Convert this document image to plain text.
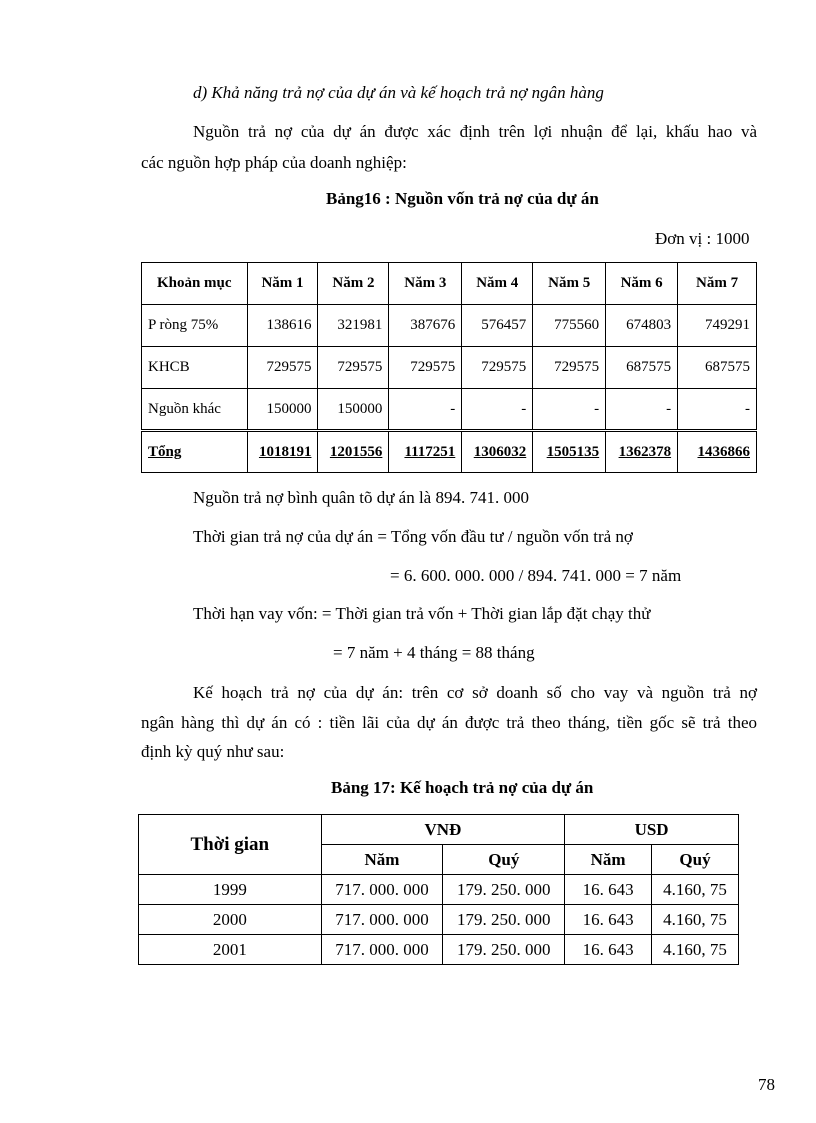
d) Khả năng trả nợ của dự án và kế hoạch trả nợ ngân hàng
Nguồn trả nợ của dự án được xác định trên lợi nhuận để lại, khấu hao và
các nguồn hợp pháp của doanh nghiệp:
Bảng16 : Nguồn vốn trả nợ của dự án
Đơn vị : 1000
Khoản mục	Năm 1	Năm 2	Năm 3	Năm 4	Năm 5	Năm 6	Năm 7
P ròng 75%	138616	321981	387676	576457	775560	674803	749291
KHCB	729575	729575	729575	729575	729575	687575	687575
Nguồn khác	150000	150000	-	-	-	-	-
Tổng	1018191	1201556	1117251	1306032	1505135	1362378	1436866
Nguồn trả nợ bình quân tõ dự án là 894. 741. 000
Thời gian trả nợ của dự án = Tổng vốn đầu tư / nguồn vốn trả nợ
= 6. 600. 000. 000 / 894. 741. 000 = 7 năm
Thời hạn vay vốn: = Thời gian trả vốn + Thời gian lắp đặt chạy thử
= 7 năm + 4 tháng = 88 tháng
Kế hoạch trả nợ của dự án: trên cơ sở doanh số cho vay và nguồn trả nợ
ngân hàng thì dự án có : tiền lãi của dự án được trả theo tháng, tiền gốc sẽ trả theo
định kỳ quý như sau:
Bảng 17: Kế hoạch trả nợ của dự án
Thời gian	VNĐ		USD	
	Năm	Quý	Năm	Quý
1999	717. 000. 000	179. 250. 000	16. 643	4.160, 75
2000	717. 000. 000	179. 250. 000	16. 643	4.160, 75
2001	717. 000. 000	179. 250. 000	16. 643	4.160, 75
78
